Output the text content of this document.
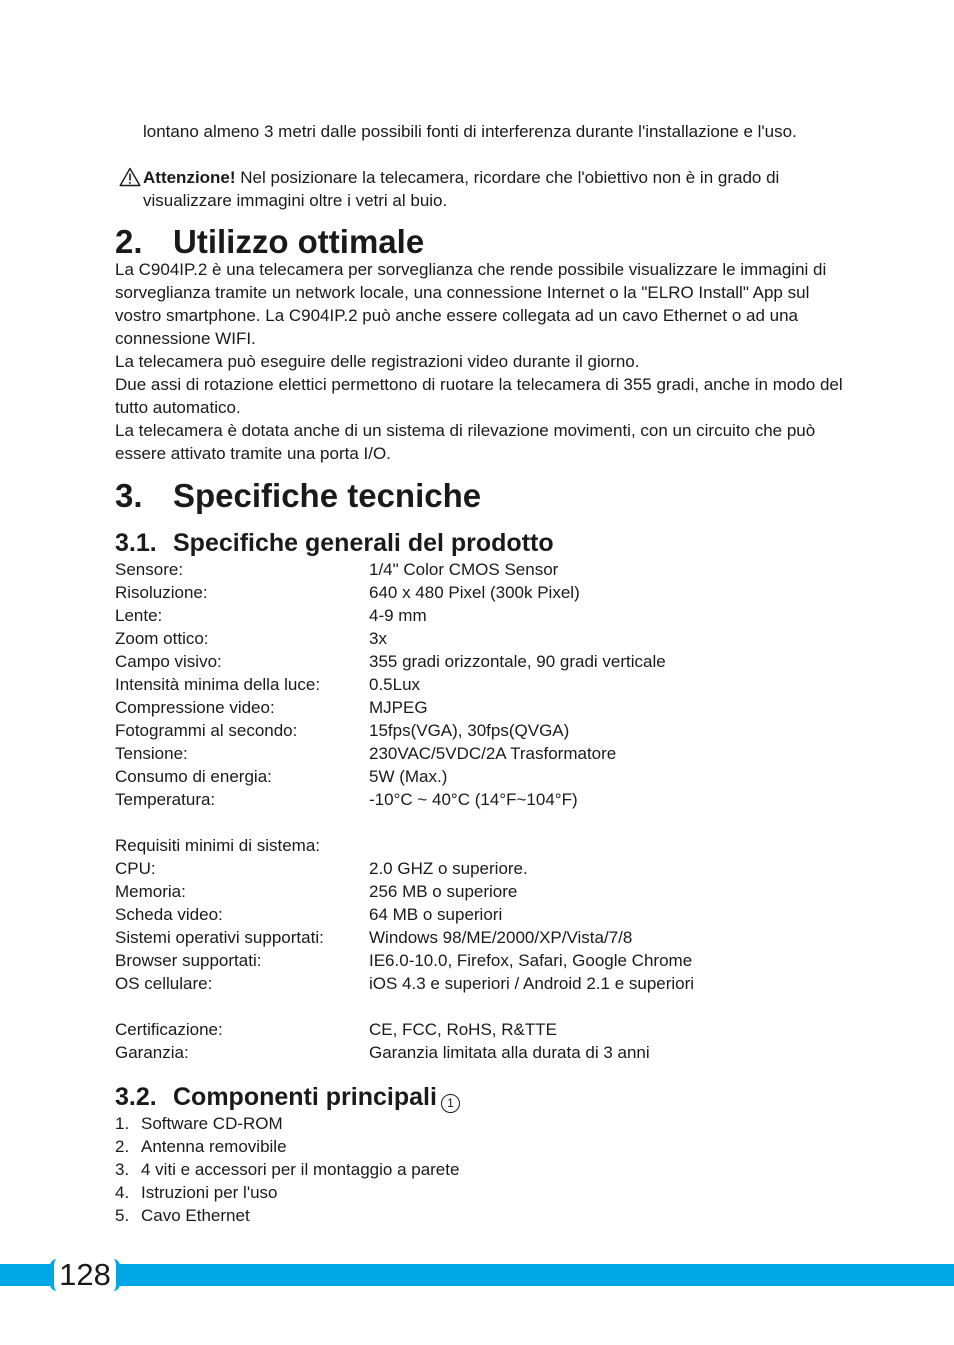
lontano almeno 3 metri dalle possibili fonti di interferenza durante l'installazione e l'uso.

Attenzione! Nel posizionare la telecamera, ricordare che l'obiettivo non è in grado di visualizzare immagini oltre i vetri al buio.
2. Utilizzo ottimale
La C904IP.2 è una telecamera per sorveglianza che rende possibile visualizzare le immagini di sorveglianza tramite un network locale, una connessione Internet o la "ELRO Install" App sul vostro smartphone. La C904IP.2 può anche essere collegata ad un cavo Ethernet o ad una connessione WIFI.
La telecamera può eseguire delle registrazioni video durante il giorno.
Due assi di rotazione elettici permettono di ruotare la telecamera di 355 gradi, anche in modo del tutto automatico.
La telecamera è dotata anche di un sistema di rilevazione movimenti, con un circuito che può essere attivato tramite una porta I/O.
3. Specifiche tecniche
3.1. Specifiche generali del prodotto
Sensore:	1/4" Color CMOS Sensor
Risoluzione:	640 x 480 Pixel (300k Pixel)
Lente:	4-9 mm
Zoom ottico:	3x
Campo visivo:	355 gradi orizzontale, 90 gradi verticale
Intensità minima della luce:	0.5Lux
Compressione video:	MJPEG
Fotogrammi al secondo:	15fps(VGA), 30fps(QVGA)
Tensione:	230VAC/5VDC/2A Trasformatore
Consumo di energia:	5W (Max.)
Temperatura:	-10°C ~ 40°C (14°F~104°F)
Requisiti minimi di sistema:
CPU:	2.0 GHZ o superiore.
Memoria:	256 MB o superiore
Scheda video:	64 MB o superiori
Sistemi operativi supportati:	Windows 98/ME/2000/XP/Vista/7/8
Browser supportati:	IE6.0-10.0, Firefox, Safari, Google Chrome
OS cellulare:	iOS 4.3 e superiori / Android 2.1 e superiori
Certificazione:	CE, FCC, RoHS, R&TTE
Garanzia:	Garanzia limitata alla durata di 3 anni
3.2. Componenti principali 1
1. Software CD-ROM
2. Antenna removibile
3. 4 viti e accessori per il montaggio a parete
4. Istruzioni per l'uso
5. Cavo Ethernet
128
